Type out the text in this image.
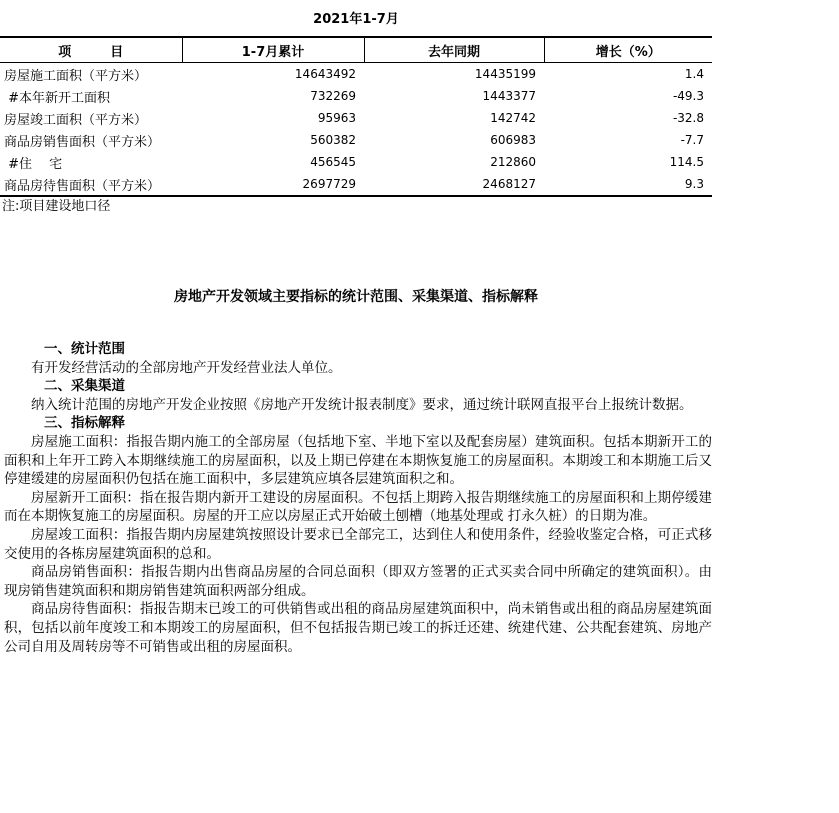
2021年1-7月
项　　　目	1-7月累计	去年同期	增长（%）
房屋施工面积（平方米）	14643492	14435199	1.4
#本年新开工面积	732269	1443377	-49.3
房屋竣工面积（平方米）	95963	142742	-32.8
商品房销售面积（平方米）	560382	606983	-7.7
#住　 宅	456545	212860	114.5
商品房待售面积（平方米）	2697729	2468127	9.3
注:项目建设地口径
房地产开发领域主要指标的统计范围、采集渠道、指标解释
一、统计范围

有开发经营活动的全部房地产开发经营业法人单位。

二、采集渠道

纳入统计范围的房地产开发企业按照《房地产开发统计报表制度》要求，通过统计联网直报平台上报统计数据。

三、指标解释

房屋施工面积：指报告期内施工的全部房屋（包括地下室、半地下室以及配套房屋）建筑面积。包括本期新开工的面积和上年开工跨入本期继续施工的房屋面积，以及上期已停建在本期恢复施工的房屋面积。本期竣工和本期施工后又停建缓建的房屋面积仍包括在施工面积中，多层建筑应填各层建筑面积之和。

房屋新开工面积：指在报告期内新开工建设的房屋面积。不包括上期跨入报告期继续施工的房屋面积和上期停缓建而在本期恢复施工的房屋面积。房屋的开工应以房屋正式开始破土刨槽（地基处理或 打永久桩）的日期为准。

房屋竣工面积：指报告期内房屋建筑按照设计要求已全部完工，达到住人和使用条件，经验收鉴定合格，可正式移交使用的各栋房屋建筑面积的总和。

商品房销售面积：指报告期内出售商品房屋的合同总面积（即双方签署的正式买卖合同中所确定的建筑面积）。由现房销售建筑面积和期房销售建筑面积两部分组成。

商品房待售面积：指报告期末已竣工的可供销售或出租的商品房屋建筑面积中，尚未销售或出租的商品房屋建筑面积，包括以前年度竣工和本期竣工的房屋面积，但不包括报告期已竣工的拆迁还建、统建代建、公共配套建筑、房地产公司自用及周转房等不可销售或出租的房屋面积。
